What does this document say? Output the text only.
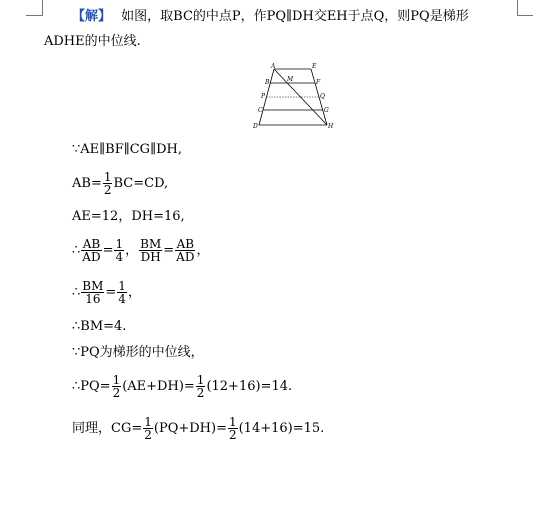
【解】 如图，取BC的中点P，作PQ∥DH交EH于点Q，则PQ是梯形
ADHE的中位线.
A	E
B	M	F
P	Q
C	G
D	H
∵AE∥BF∥CG∥DH,
$AB= \frac{1}{2} BC=CD$,
AE=12，DH=16,
∴ $\frac{AB}{AD} = \frac{1}{4}$ ， $\frac{BM}{DH} = \frac{AB}{AD}$ ，
∴ $\frac{BM}{16} = \frac{1}{4}$ ，
∴BM=4.
∵PQ为梯形的中位线，
∴PQ= $\frac{1}{2} (AE+DH)= \frac{1}{2} (12+16)=14$.
同理，$CG= \frac{1}{2} (PQ+DH)= \frac{1}{2} (14+16)=15$.
